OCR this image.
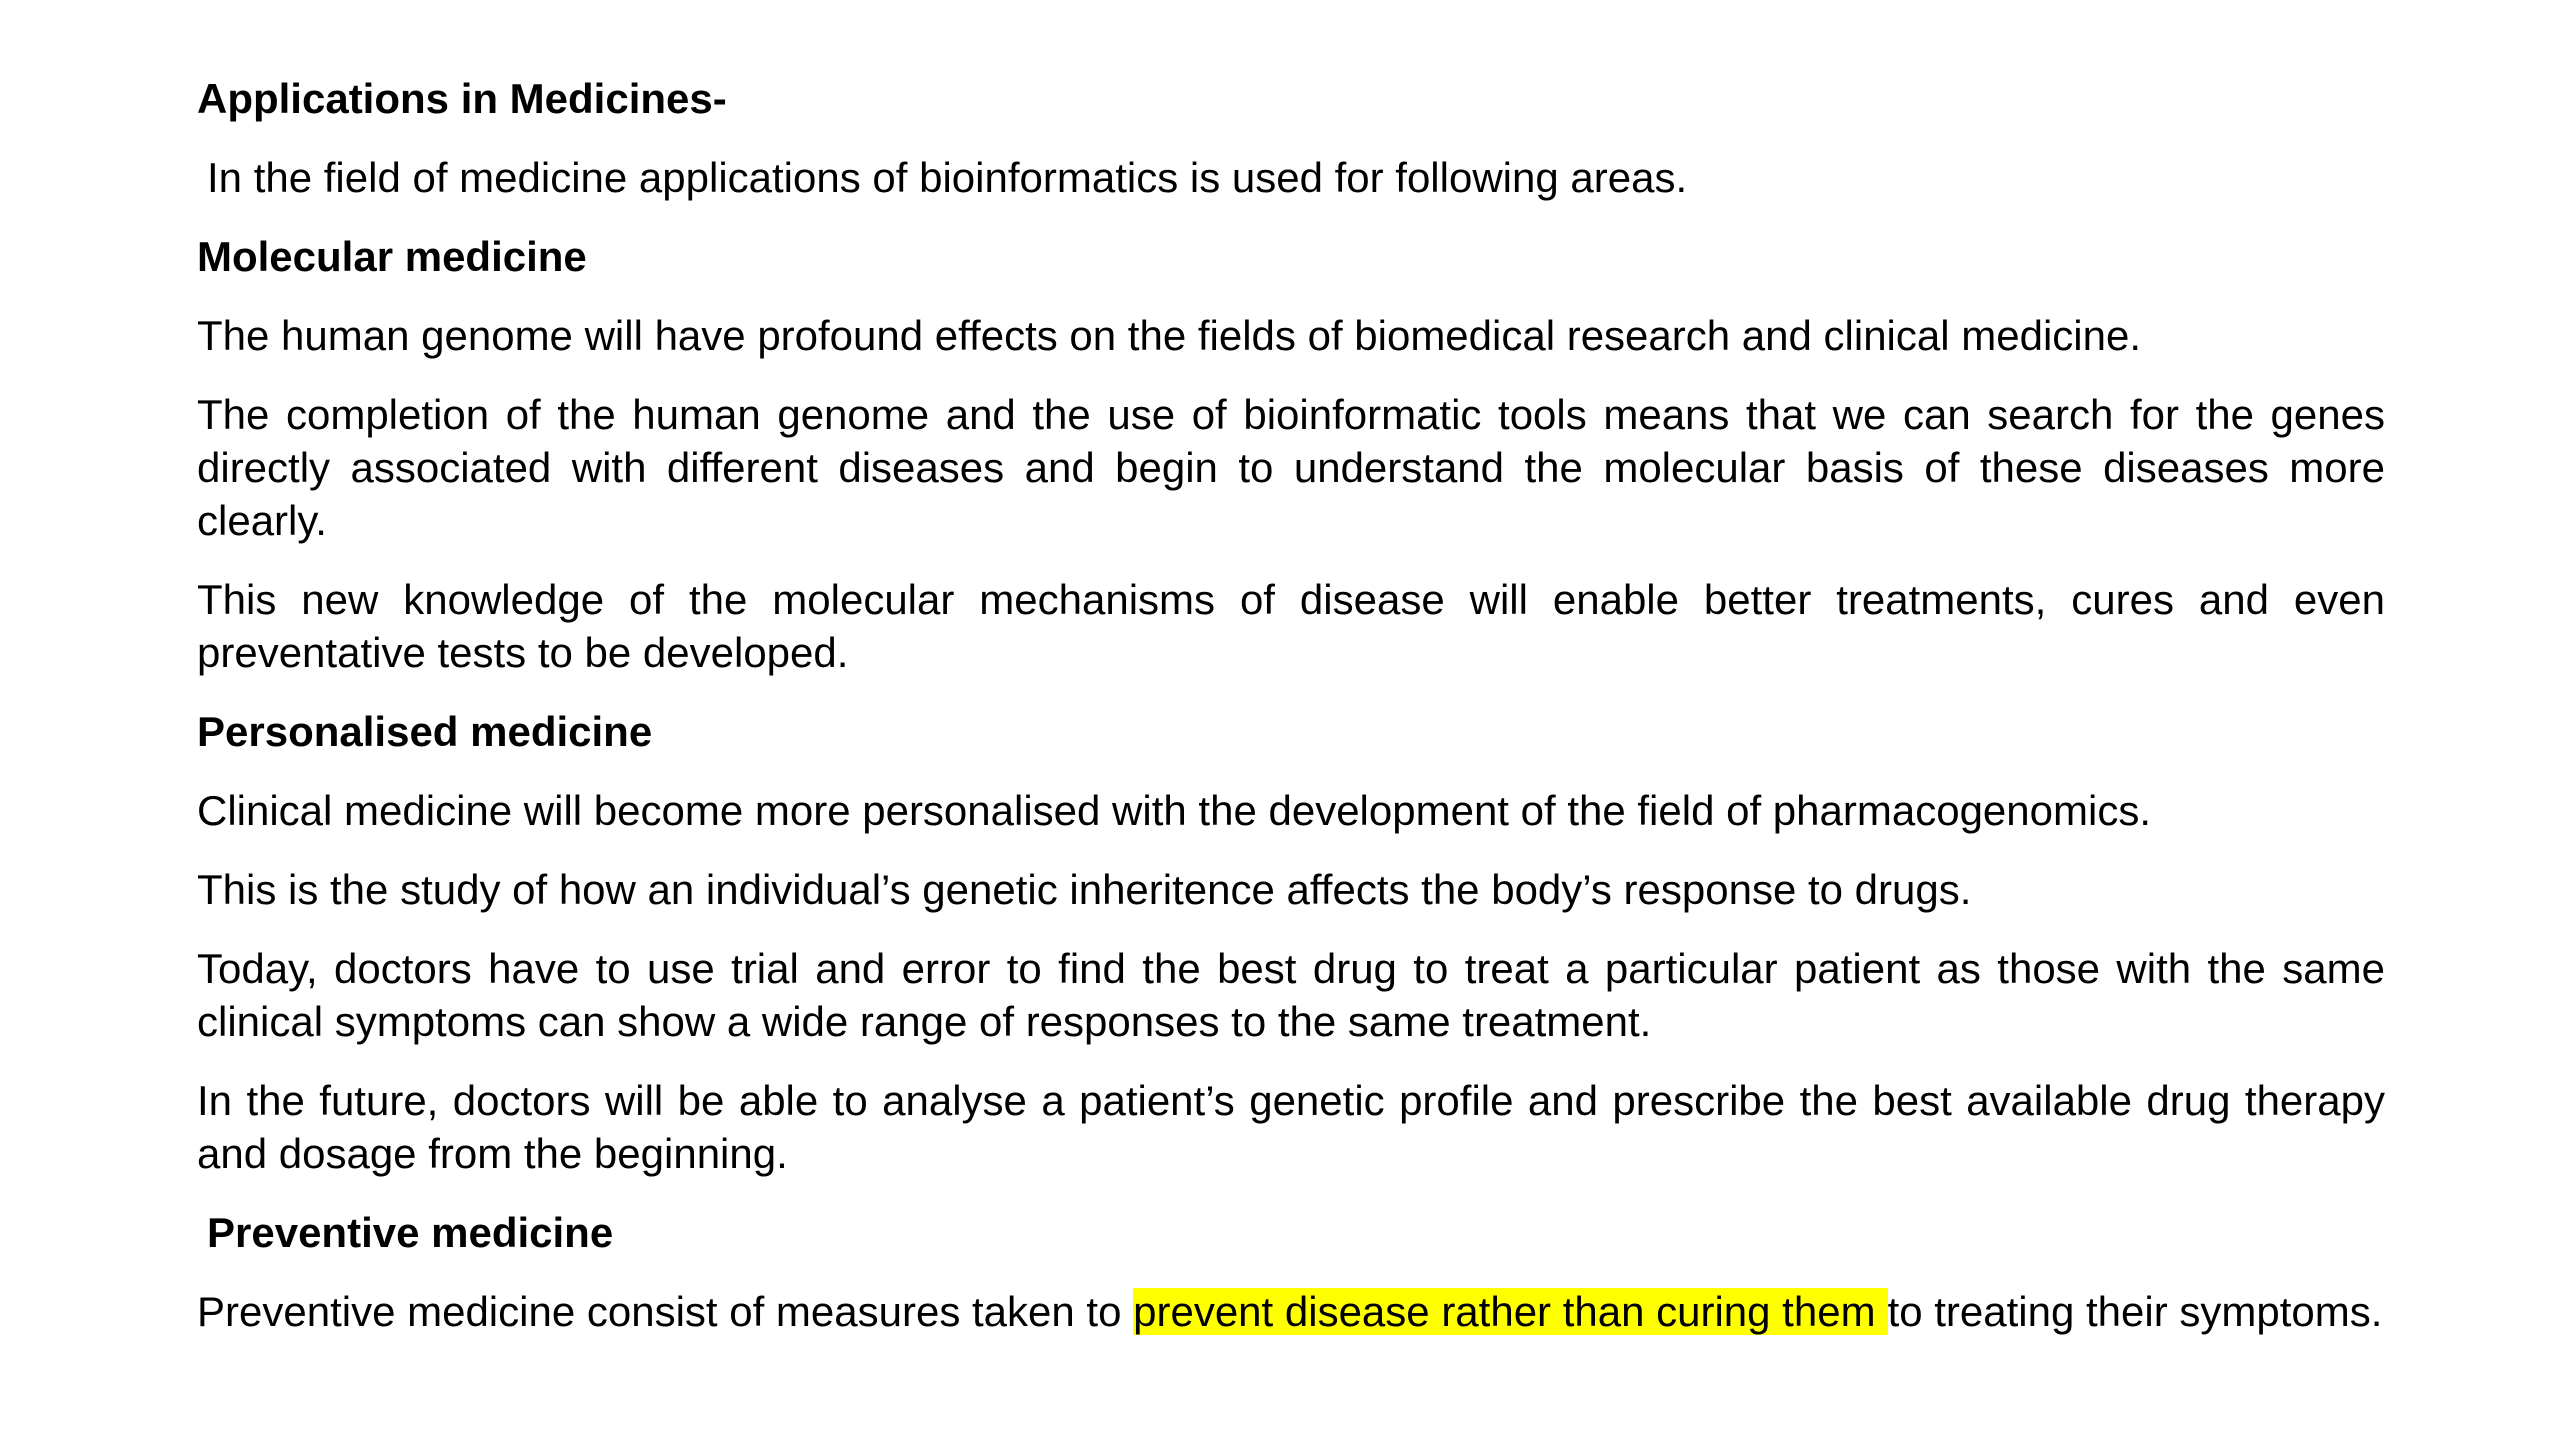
Applications in Medicines-
In the field of medicine applications of bioinformatics is used for following areas.
Molecular medicine
The human genome will have profound effects on the fields of biomedical research and clinical medicine.
The completion of the human genome and the use of bioinformatic tools means that we can search for the genes directly associated with different diseases and begin to understand the molecular basis of these diseases more clearly.
This new knowledge of the molecular mechanisms of disease will enable better treatments, cures and even preventative tests to be developed.
Personalised medicine
Clinical medicine will become more personalised with the development of the field of pharmacogenomics.
This is the study of how an individual’s genetic inheritence affects the body’s response to drugs.
Today, doctors have to use trial and error to find the best drug to treat a particular patient as those with the same clinical symptoms can show a wide range of responses to the same treatment.
In the future, doctors will be able to analyse a patient’s genetic profile and prescribe the best available drug therapy and dosage from the beginning.
Preventive medicine
Preventive medicine consist of measures taken to prevent disease rather than curing them to treating their symptoms.
